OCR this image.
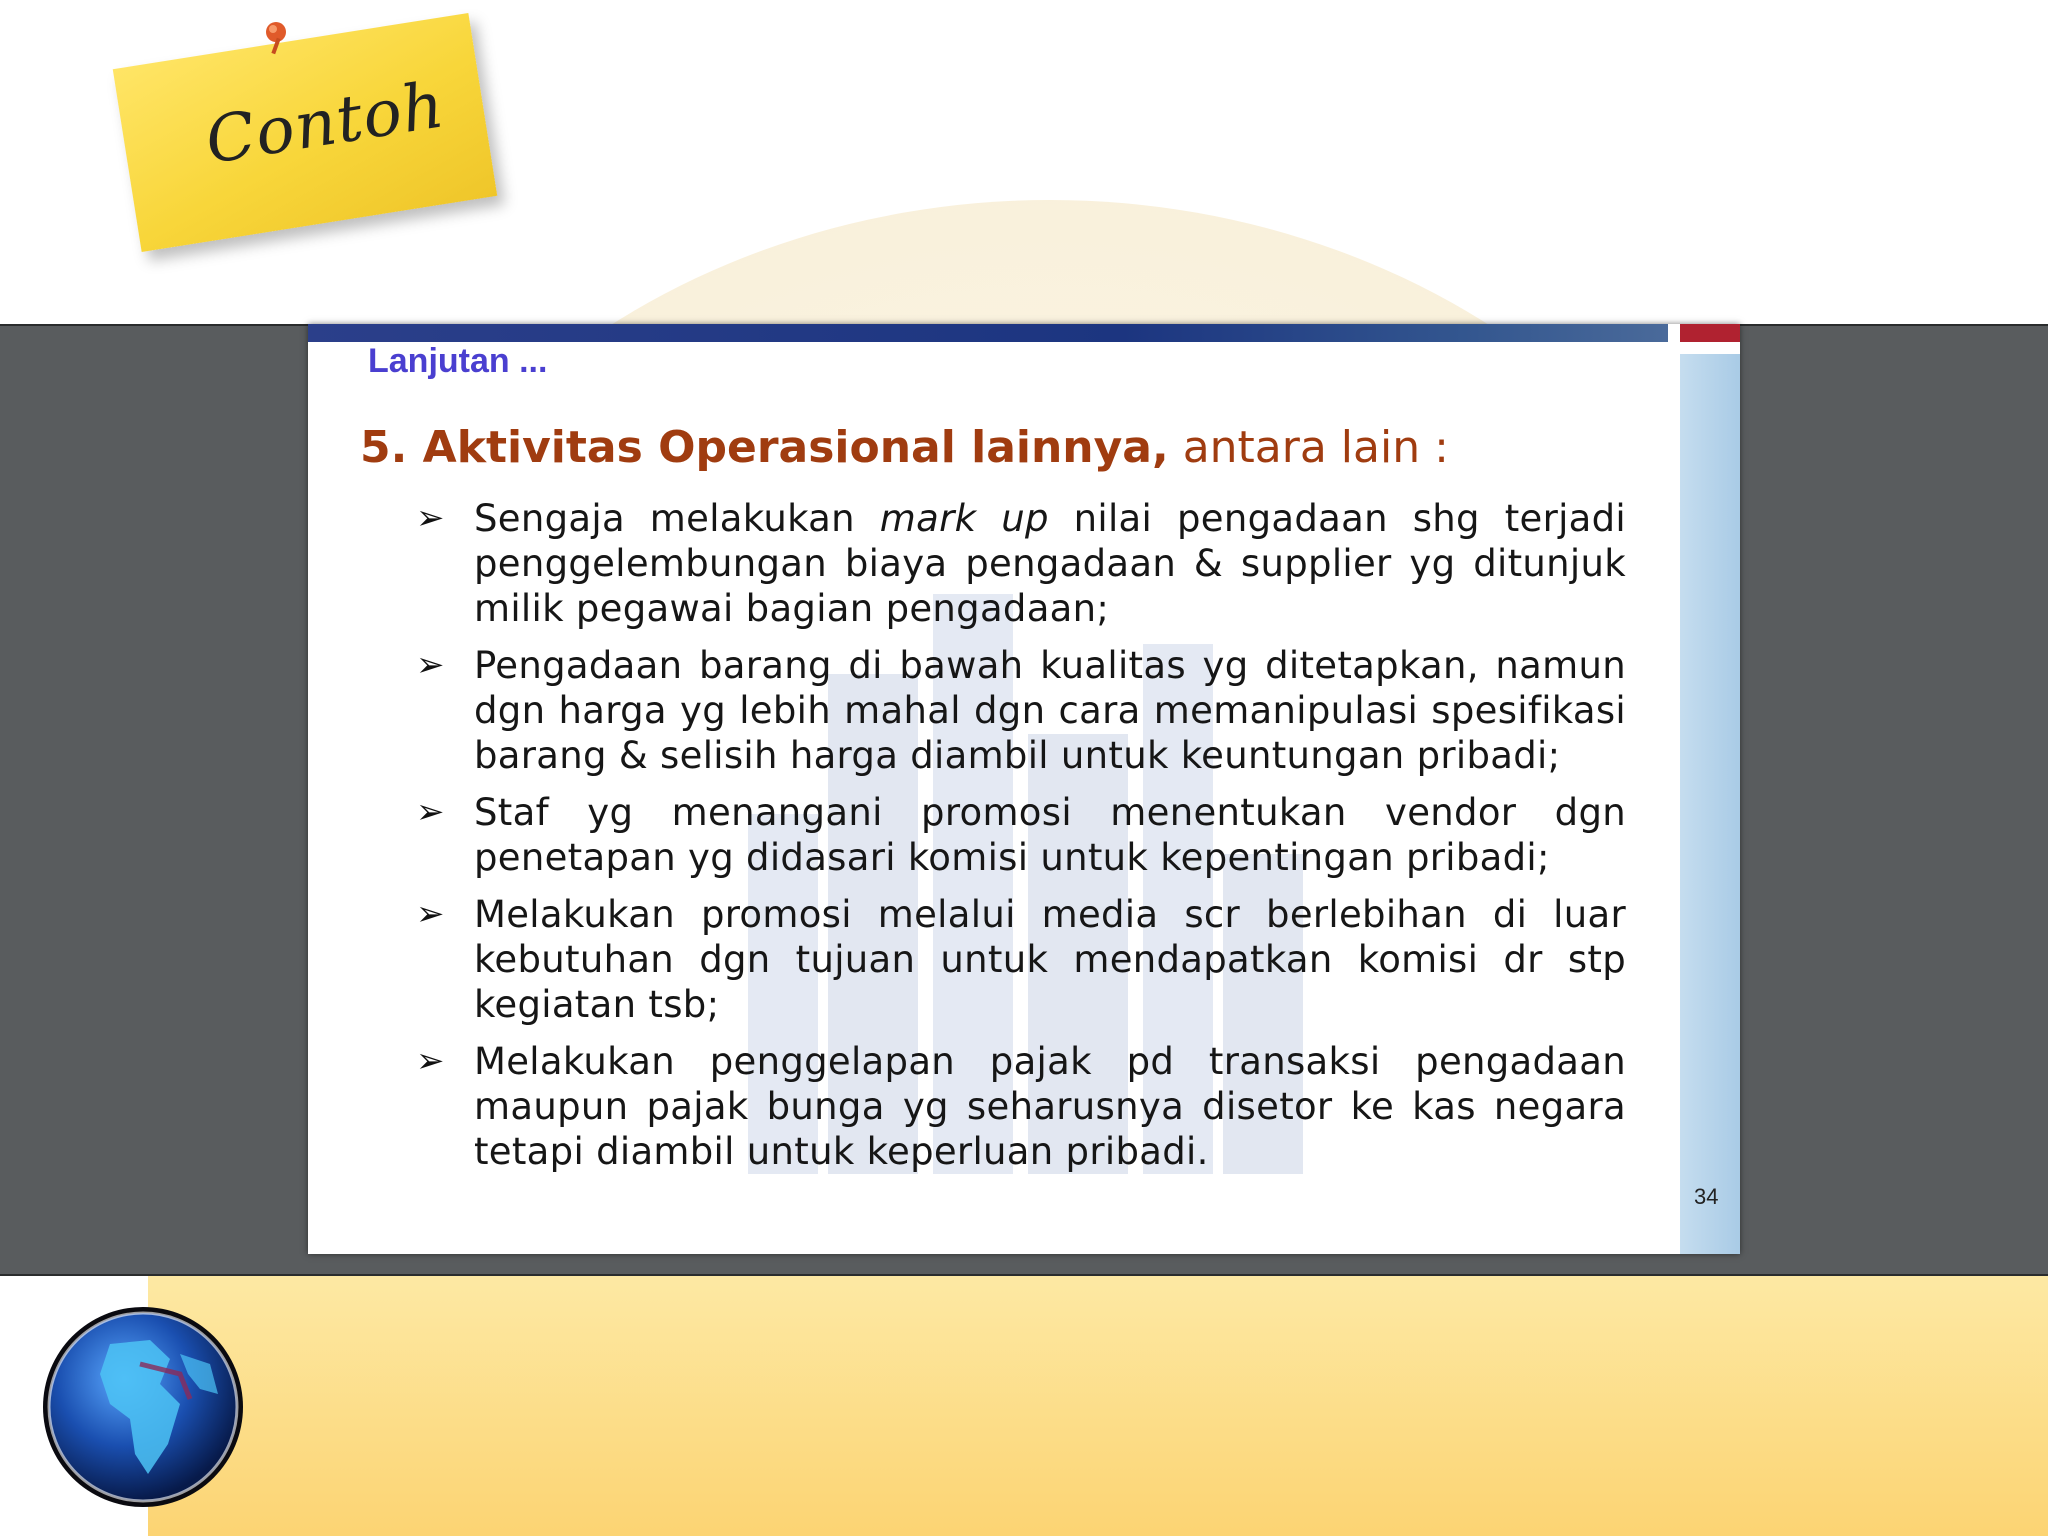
Contoh
Lanjutan ...
5. Aktivitas Operasional lainnya, antara lain :
➢ Sengaja melakukan mark up nilai pengadaan shg terjadi penggelembungan biaya pengadaan & supplier yg ditunjuk milik pegawai bagian pengadaan;
➢ Pengadaan barang di bawah kualitas yg ditetapkan, namun dgn harga yg lebih mahal dgn cara memanipulasi spesifikasi barang & selisih harga diambil untuk keuntungan pribadi;
➢ Staf yg menangani promosi menentukan vendor dgn penetapan yg didasari komisi untuk kepentingan pribadi;
➢ Melakukan promosi melalui media scr berlebihan di luar kebutuhan dgn tujuan untuk mendapatkan komisi dr stp kegiatan tsb;
➢ Melakukan penggelapan pajak pd transaksi pengadaan maupun pajak bunga yg seharusnya disetor ke kas negara tetapi diambil untuk keperluan pribadi.
34
